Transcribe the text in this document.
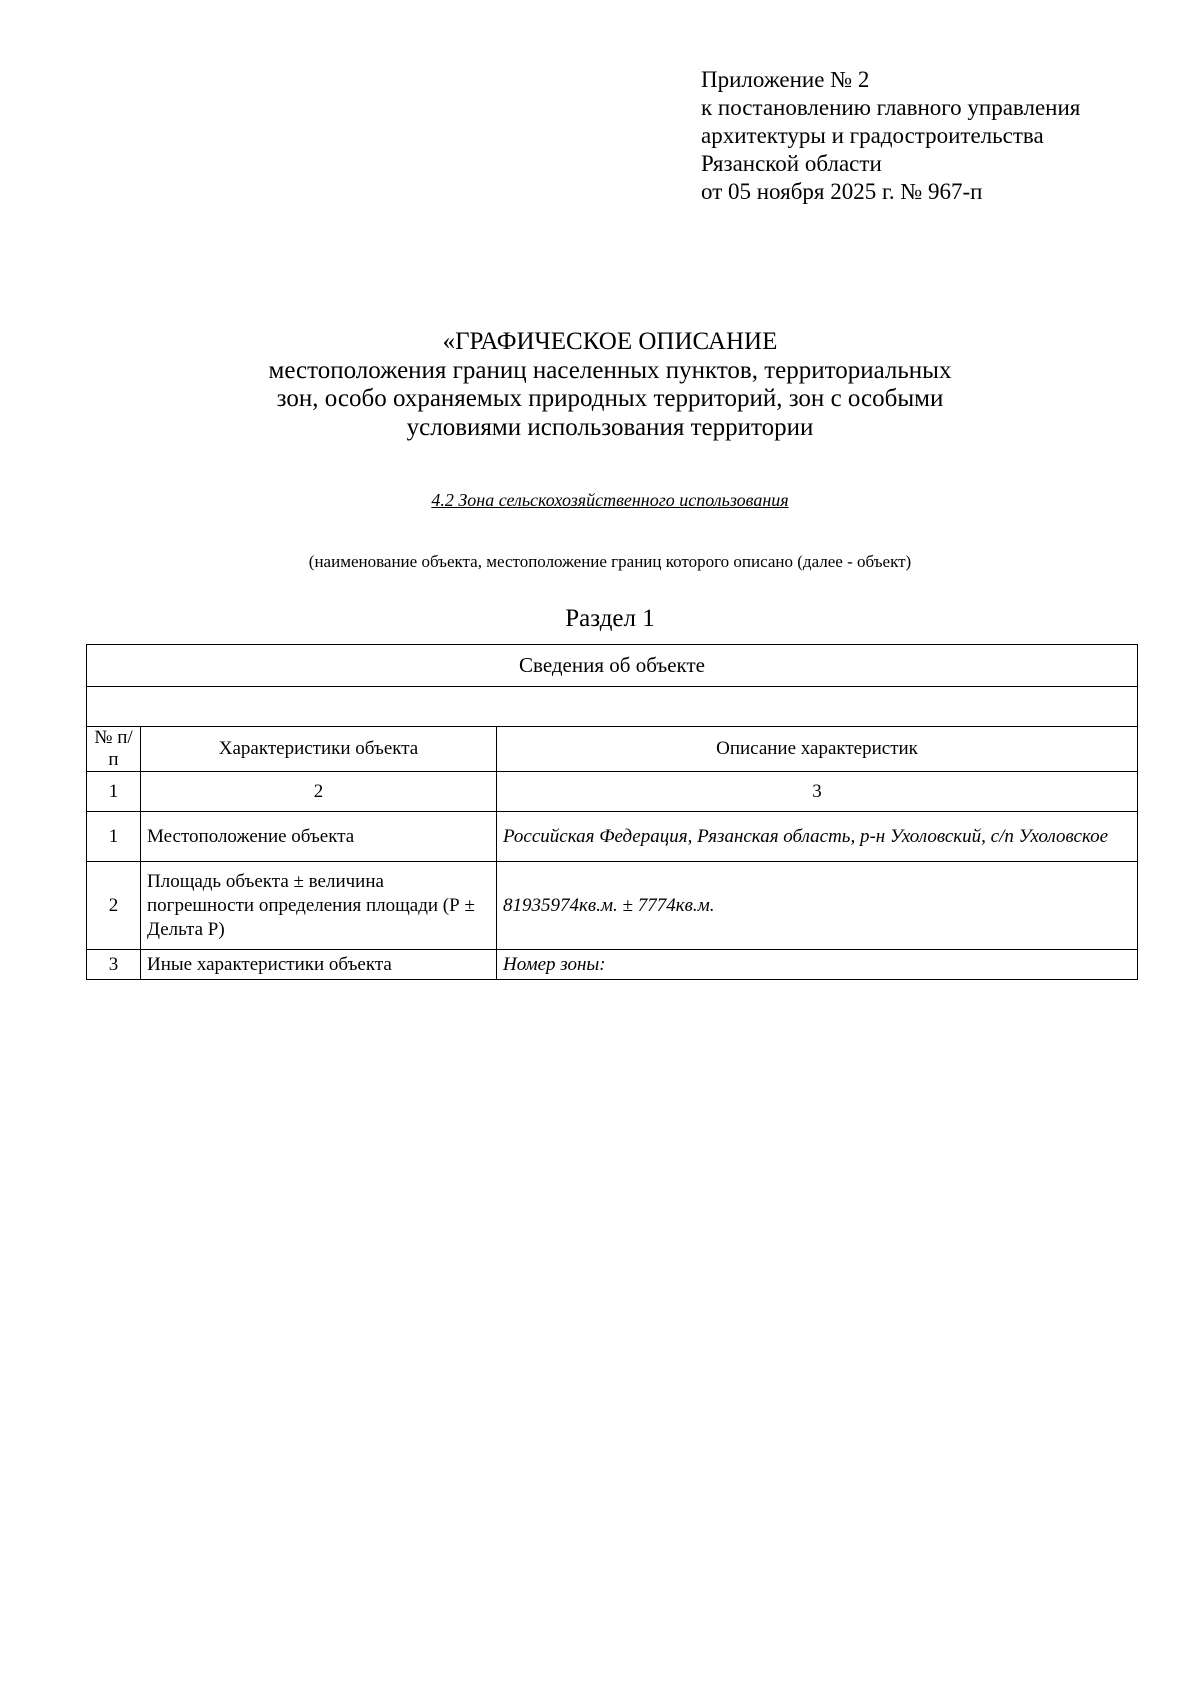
Приложение № 2
к постановлению главного управления
архитектуры и градостроительства
Рязанской области
от 05 ноября 2025 г. № 967-п
«ГРАФИЧЕСКОЕ ОПИСАНИЕ
местоположения границ населенных пунктов, территориальных
зон, особо охраняемых природных территорий, зон с особыми
условиями использования территории
4.2 Зона сельскохозяйственного использования
(наименование объекта, местоположение границ которого описано (далее - объект)
Раздел 1
Сведения об объекте		

№ п/п	Характеристики объекта	Описание характеристик
1	2	3
1	Местоположение объекта	Российская Федерация, Рязанская область, р-н Ухоловский, с/п Ухоловское
2	Площадь объекта ± величина погрешности определения площади (Р ± Дельта Р)	81935974кв.м. ± 7774кв.м.
3	Иные характеристики объекта	Номер зоны:
